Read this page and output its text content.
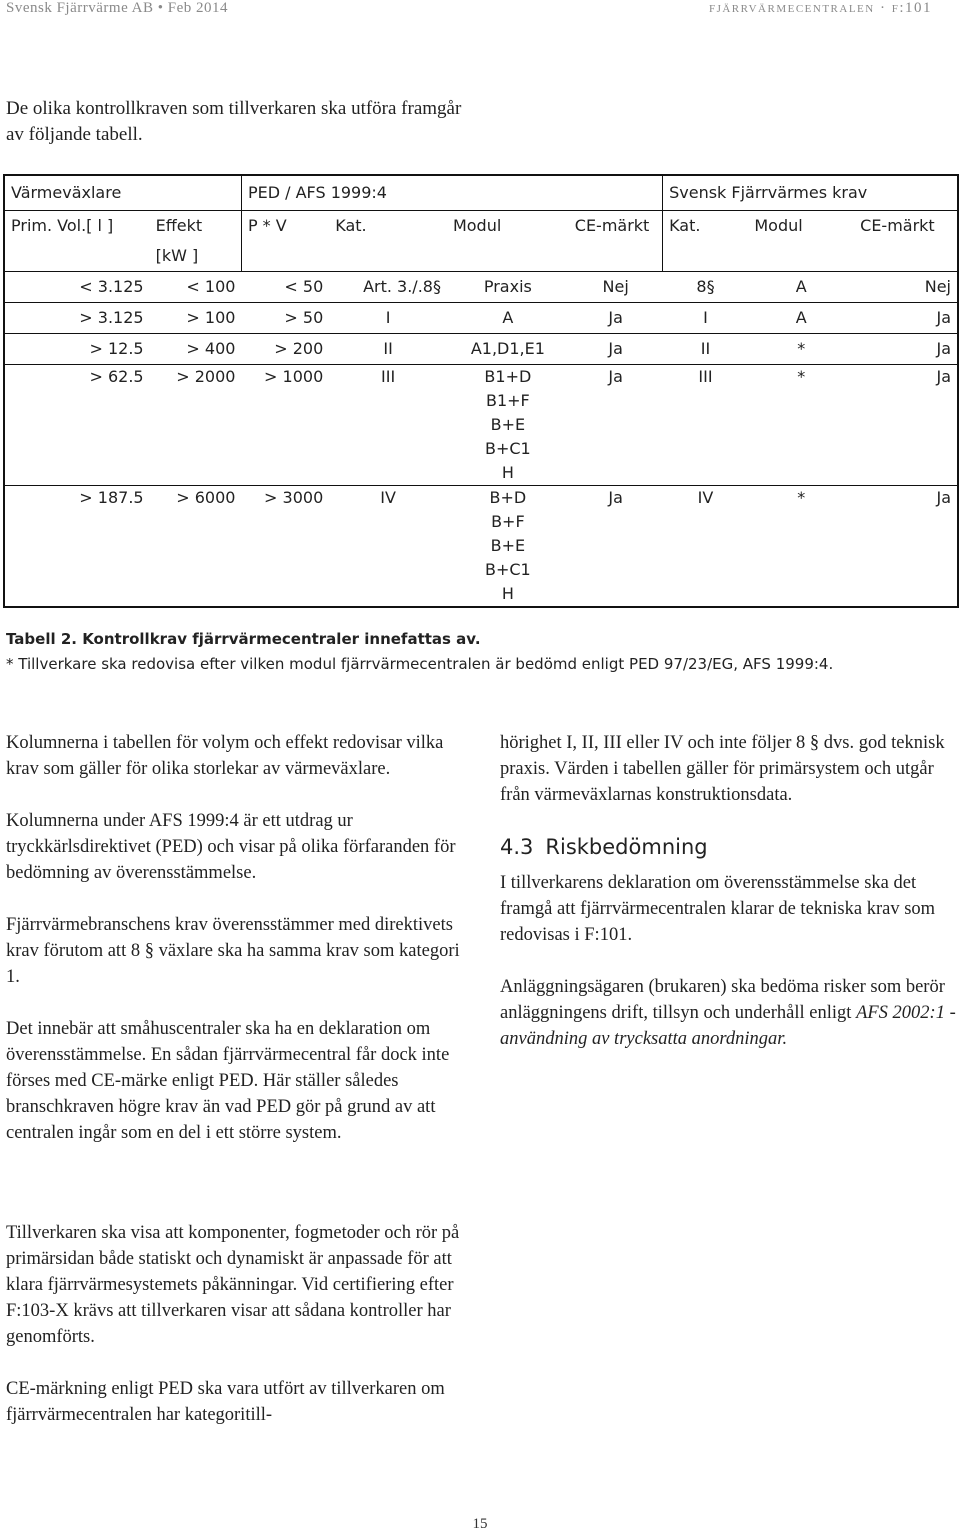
Svensk Fjärrvärme AB • Feb 2014	fjärrvärmecentralen · f:101

De olika kontrollkraven som tillverkaren ska utföra framgår av följande tabell.

Värmeväxlare		PED / AFS 1999:4				Svensk Fjärrvärmes krav		
Prim. Vol.[ l ]	Effekt [kW ]	P * V	Kat.	Modul	CE-märkt	Kat.	Modul	CE-märkt
< 3.125	< 100	< 50	Art. 3./.8§	Praxis	Nej	8§	A	Nej
> 3.125	> 100	> 50	I	A	Ja	I	A	Ja
> 12.5	> 400	> 200	II	A1,D1,E1	Ja	II	*	Ja
> 62.5	> 2000	> 1000	III	B1+D
B1+F
B+E
B+C1
H	Ja	III	*	Ja
> 187.5	> 6000	> 3000	IV	B+D
B+F
B+E
B+C1
H	Ja	IV	*	Ja
Tabell 2. Kontrollkrav fjärrvärmecentraler innefattas av.
* Tillverkare ska redovisa efter vilken modul fjärrvärmecentralen är bedömd enligt PED 97/23/EG, AFS 1999:4.

Kolumnerna i tabellen för volym och effekt redovisar vilka krav som gäller för olika storlekar av värmeväxlare.

Kolumnerna under AFS 1999:4 är ett utdrag ur tryckkärlsdirektivet (PED) och visar på olika förfaranden för bedömning av överensstämmelse.

Fjärrvärmebranschens krav överensstämmer med direktivets krav förutom att 8 § växlare ska ha samma krav som kategori 1.

Det innebär att småhuscentraler ska ha en deklaration om överensstämmelse. En sådan fjärrvärmecentral får dock inte förses med CE-märke enligt PED. Här ställer således branschkraven högre krav än vad PED gör på grund av att centralen ingår som en del i ett större system.

hörighet I, II, III eller IV och inte följer 8 § dvs. god teknisk praxis. Värden i tabellen gäller för primärsystem och utgår från värmeväxlarnas konstruktionsdata.

4.3 Riskbedömning

I tillverkarens deklaration om överensstämmelse ska det framgå att fjärrvärmecentralen klarar de tekniska krav som redovisas i F:101.

Anläggningsägaren (brukaren) ska bedöma risker som berör anläggningens drift, tillsyn och underhåll enligt AFS 2002:1 - användning av trycksatta anordningar.

Tillverkaren ska visa att komponenter, fogmetoder och rör på primärsidan både statiskt och dynamiskt är anpassade för att klara fjärrvärmesystemets påkänningar. Vid certifiering efter F:103-X krävs att tillverkaren visar att sådana kontroller har genomförts.

CE-märkning enligt PED ska vara utfört av tillverkaren om fjärrvärmecentralen har kategoritill-

15
